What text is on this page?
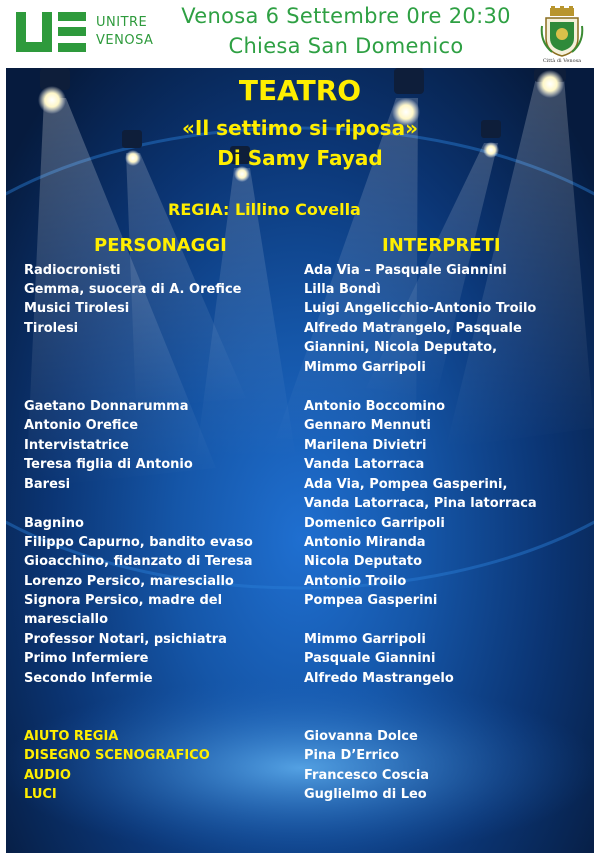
UNITRE
VENOSA
Venosa 6 Settembre 0re 20:30
Chiesa San Domenico
Città di Venosa
TEATRO
«Il settimo si riposa»
Di Samy Fayad
REGIA: Lillino Covella
PERSONAGGI	INTERPRETI
Radiocronisti
Gemma, suocera di A. Orefice
Musici Tirolesi
Tirolesi
Gaetano Donnarumma
Antonio Orefice
Intervistatrice
Teresa figlia di Antonio
Baresi
Bagnino
Filippo Capurno, bandito evaso
Gioacchino, fidanzato di Teresa
Lorenzo Persico, maresciallo
Signora Persico, madre del
maresciallo
Professor Notari, psichiatra
Primo Infermiere
Secondo Infermie
Ada Via – Pasquale Giannini
Lilla Bondì
Luigi Angelicchio-Antonio Troilo
Alfredo Matrangelo, Pasquale
Giannini, Nicola Deputato,
Mimmo Garripoli
Antonio Boccomino
Gennaro Mennuti
Marilena Divietri
Vanda Latorraca
Ada Via, Pompea Gasperini,
Vanda Latorraca, Pina latorraca
Domenico Garripoli
Antonio Miranda
Nicola Deputato
Antonio Troilo
Pompea Gasperini
Mimmo Garripoli
Pasquale Giannini
Alfredo Mastrangelo
AIUTO REGIA
DISEGNO SCENOGRAFICO
AUDIO
LUCI
Giovanna Dolce
Pina D’Errico
Francesco Coscia
Guglielmo di Leo
